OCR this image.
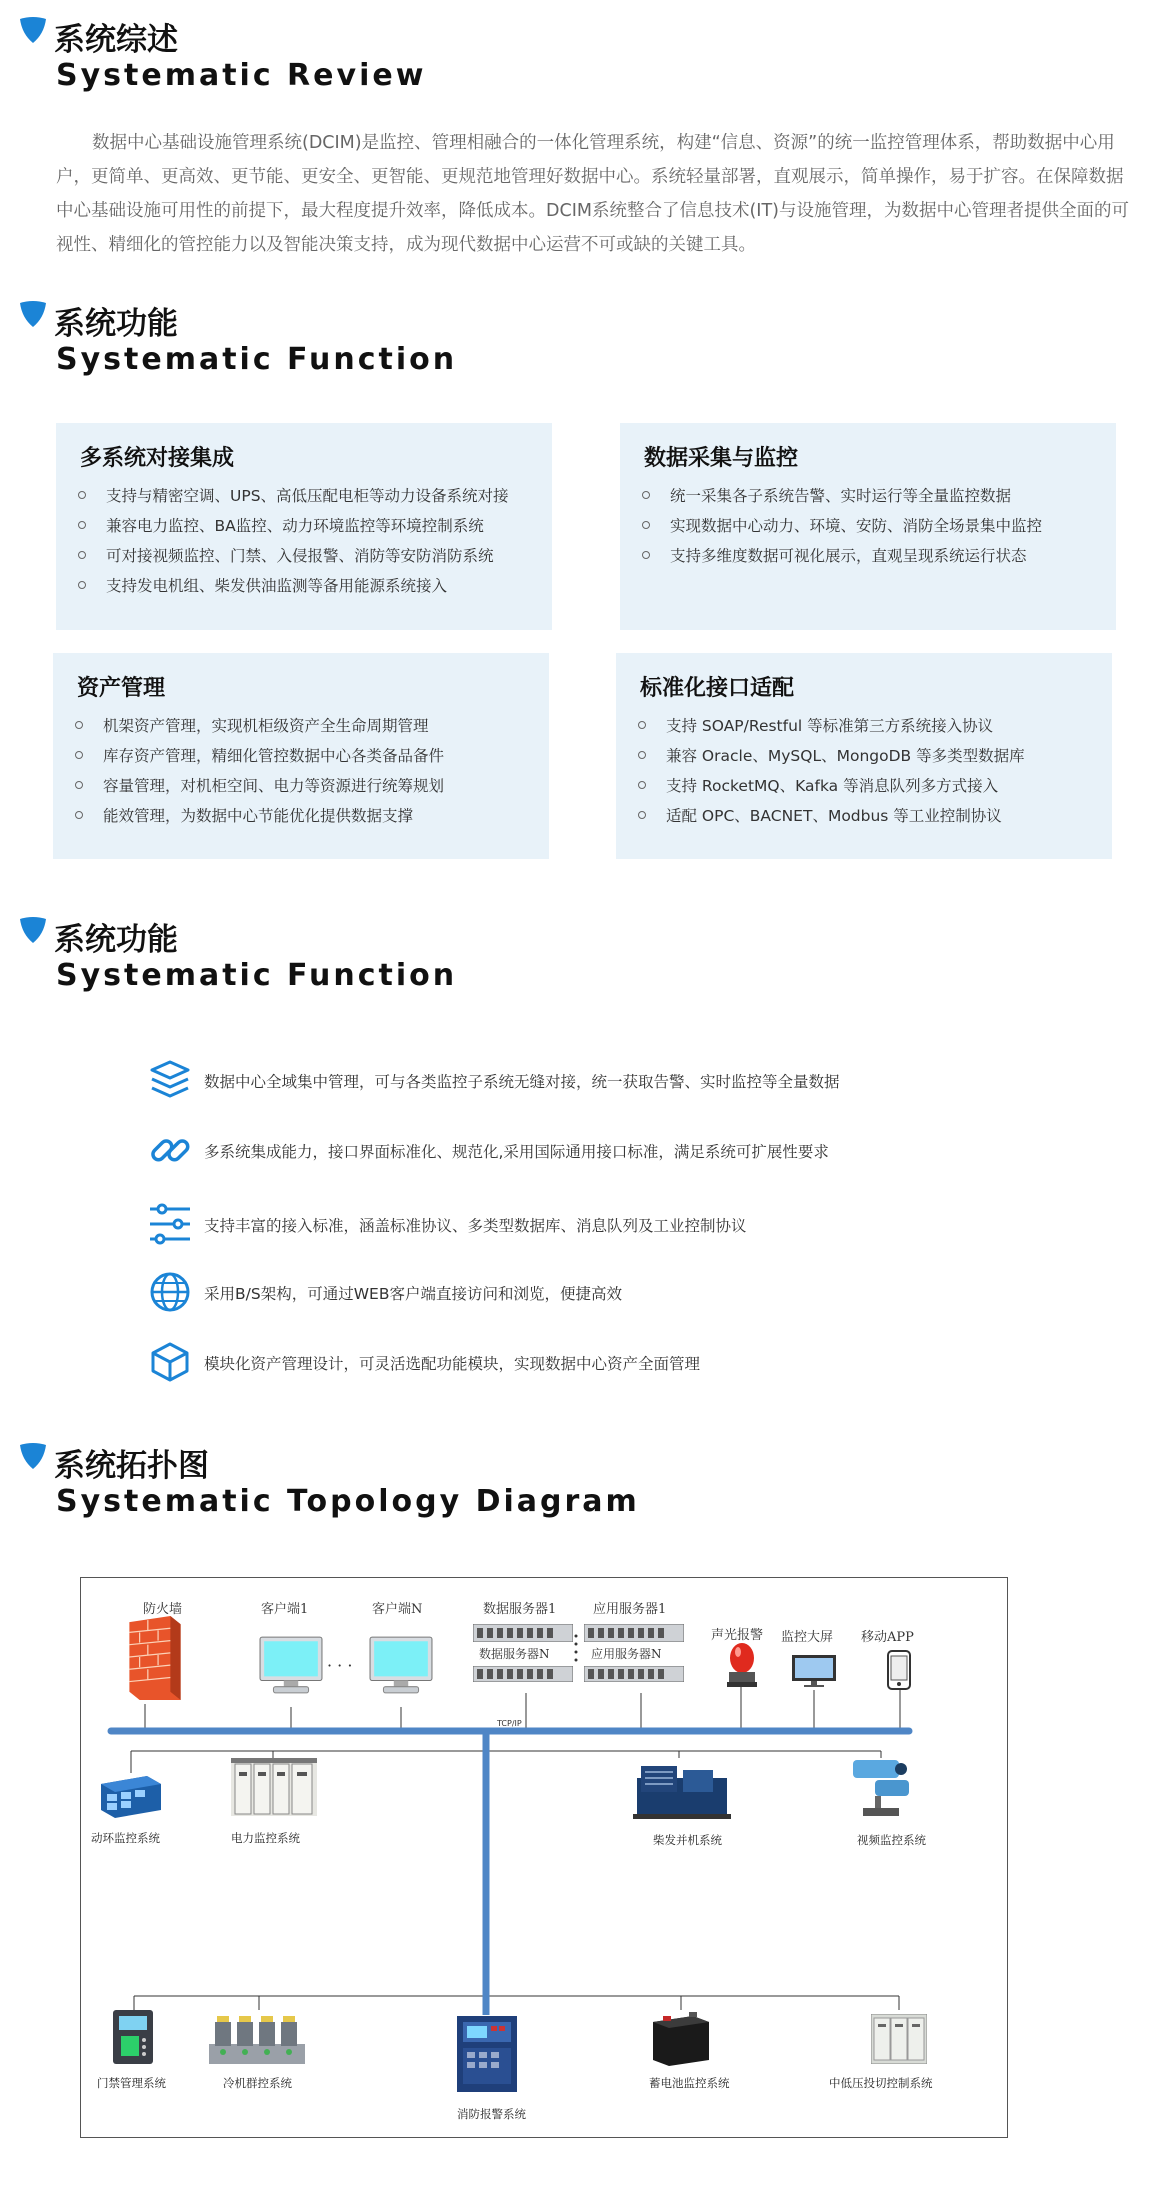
系统综述
Systematic Review
数据中心基础设施管理系统(DCIM)是监控、管理相融合的一体化管理系统，构建“信息、资源”的统一监控管理体系，帮助数据中心用户，更简单、更高效、更节能、更安全、更智能、更规范地管理好数据中心。系统轻量部署，直观展示，简单操作，易于扩容。在保障数据中心基础设施可用性的前提下，最大程度提升效率，降低成本。DCIM系统整合了信息技术(IT)与设施管理，为数据中心管理者提供全面的可视性、精细化的管控能力以及智能决策支持，成为现代数据中心运营不可或缺的关键工具。
系统功能
Systematic Function
多系统对接集成
支持与精密空调、UPS、高低压配电柜等动力设备系统对接
兼容电力监控、BA监控、动力环境监控等环境控制系统
可对接视频监控、门禁、入侵报警、消防等安防消防系统
支持发电机组、柴发供油监测等备用能源系统接入
数据采集与监控
统一采集各子系统告警、实时运行等全量监控数据
实现数据中心动力、环境、安防、消防全场景集中监控
支持多维度数据可视化展示，直观呈现系统运行状态
资产管理
机架资产管理，实现机柜级资产全生命周期管理
库存资产管理，精细化管控数据中心各类备品备件
容量管理，对机柜空间、电力等资源进行统筹规划
能效管理，为数据中心节能优化提供数据支撑
标准化接口适配
支持 SOAP/Restful 等标准第三方系统接入协议
兼容 Oracle、MySQL、MongoDB 等多类型数据库
支持 RocketMQ、Kafka 等消息队列多方式接入
适配 OPC、BACNET、Modbus 等工业控制协议
系统功能
Systematic Function
数据中心全域集中管理，可与各类监控子系统无缝对接，统一获取告警、实时监控等全量数据
多系统集成能力，接口界面标准化、规范化,采用国际通用接口标准，满足系统可扩展性要求
支持丰富的接入标准，涵盖标准协议、多类型数据库、消息队列及工业控制协议
采用B/S架构，可通过WEB客户端直接访问和浏览，便捷高效
模块化资产管理设计，可灵活选配功能模块，实现数据中心资产全面管理
系统拓扑图
Systematic Topology Diagram
防火墙	客户端1	客户端N	数据服务器1	应用服务器1
声光报警 监控大屏 移动APP
· · ·
数据服务器N	应用服务器N
TCP/IP
动环监控系统	电力监控系统	柴发并机系统	视频监控系统
门禁管理系统	冷机群控系统
消防报警系统
蓄电池监控系统	中低压投切控制系统
